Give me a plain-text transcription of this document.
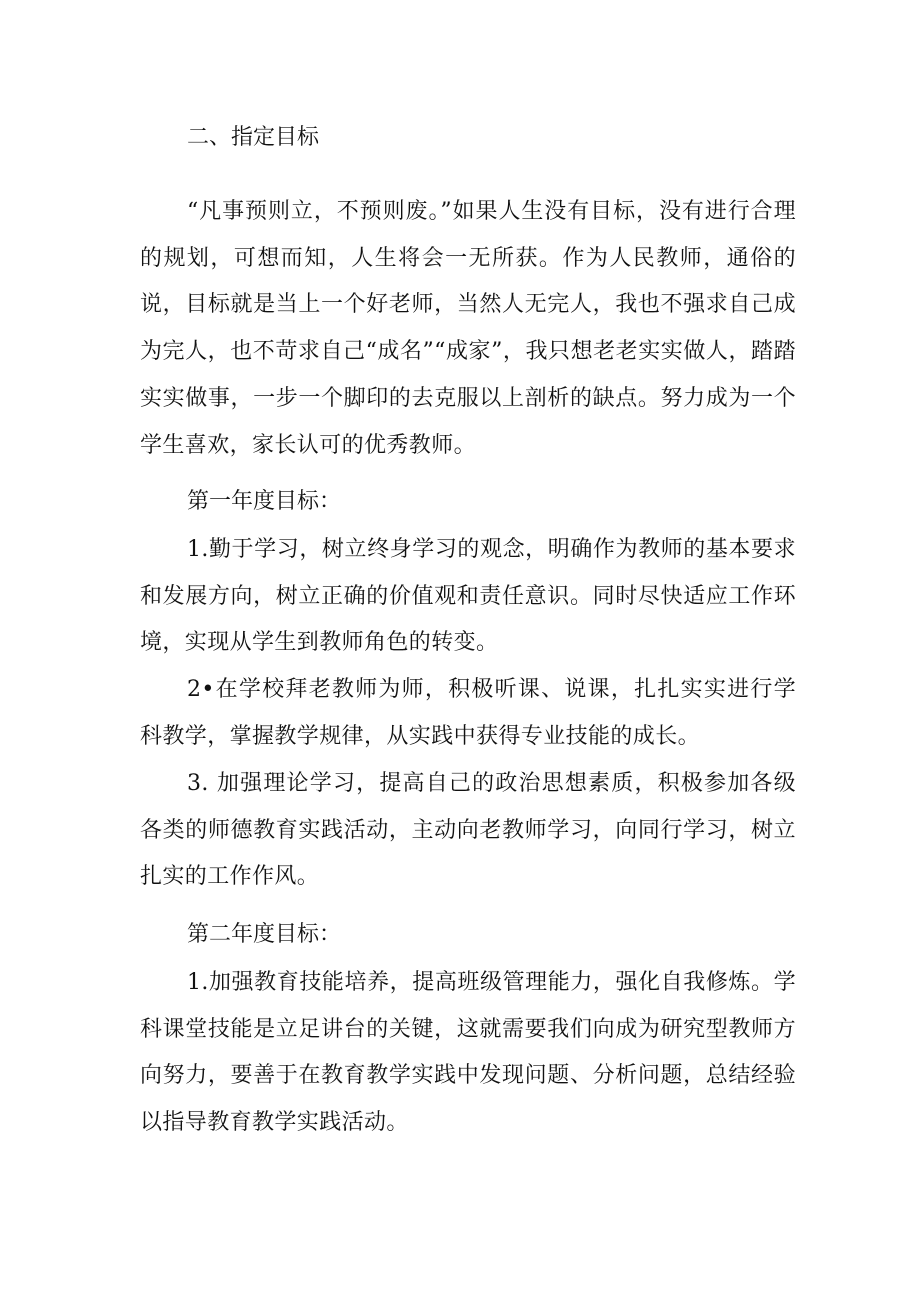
二、指定目标

“凡事预则立，不预则废。”如果人生没有目标，没有进行合理的规划，可想而知，人生将会一无所获。作为人民教师，通俗的说，目标就是当上一个好老师，当然人无完人，我也不强求自己成为完人，也不苛求自己“成名”“成家”，我只想老老实实做人，踏踏实实做事，一步一个脚印的去克服以上剖析的缺点。努力成为一个学生喜欢，家长认可的优秀教师。

第一年度目标：

1.勤于学习，树立终身学习的观念，明确作为教师的基本要求和发展方向，树立正确的价值观和责任意识。同时尽快适应工作环境，实现从学生到教师角色的转变。

2•在学校拜老教师为师，积极听课、说课，扎扎实实进行学科教学，掌握教学规律，从实践中获得专业技能的成长。

3. 加强理论学习，提高自己的政治思想素质，积极参加各级各类的师德教育实践活动，主动向老教师学习，向同行学习，树立扎实的工作作风。

第二年度目标：

1.加强教育技能培养，提高班级管理能力，强化自我修炼。学科课堂技能是立足讲台的关键，这就需要我们向成为研究型教师方向努力，要善于在教育教学实践中发现问题、分析问题，总结经验以指导教育教学实践活动。
